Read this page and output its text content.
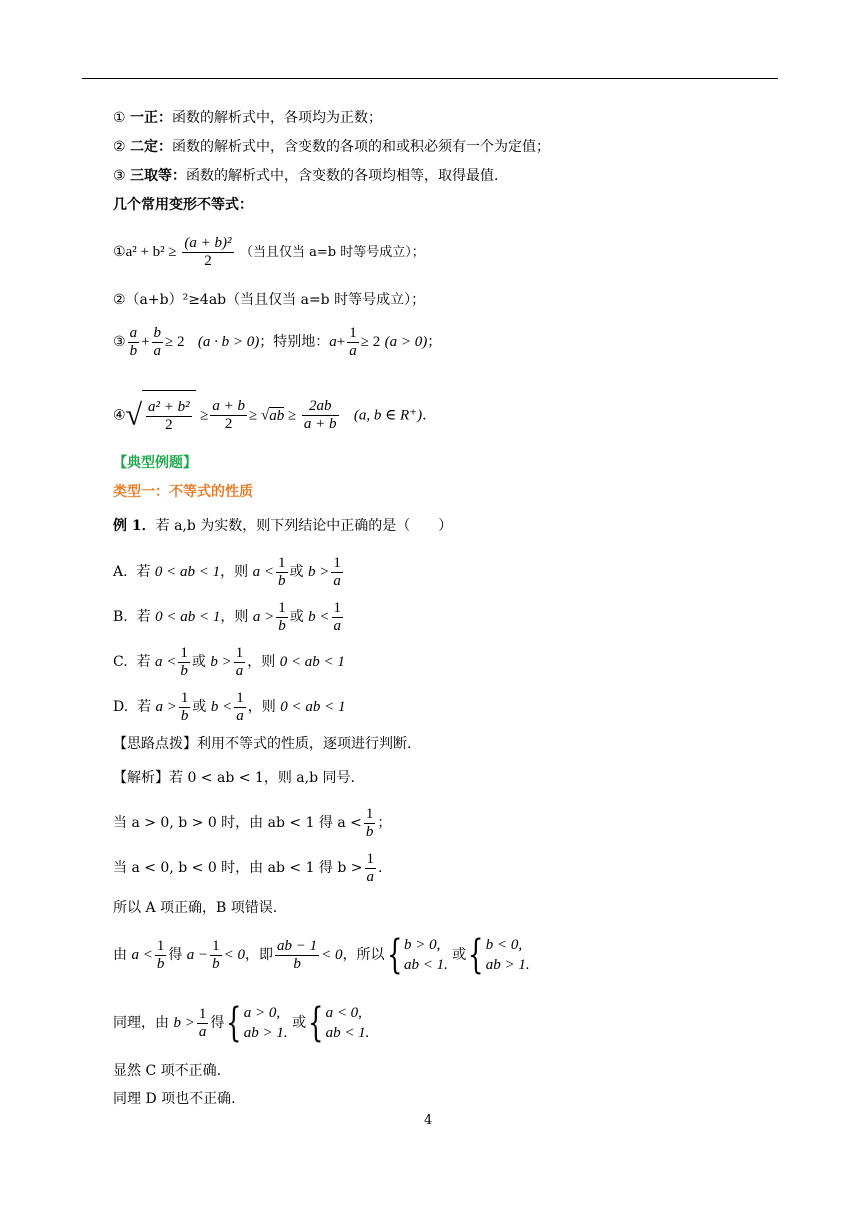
① 一正：函数的解析式中，各项均为正数；
② 二定：函数的解析式中，含变数的各项的和或积必须有一个为定值；
③ 三取等：函数的解析式中，含变数的各项均相等，取得最值.
几个常用变形不等式：
①a² + $b^2 \ge \frac{\text{(a + b)²}}{2}$ （当且仅当 a=b 时等号成立）；
②（a+b）²≥4ab（当且仅当 a=b 时等号成立）；
③ $\frac{a}{b} + \frac{b}{a} \ge 2$ (a · b > 0)；特别地：$a+ \frac{1}{a} \ge 2$ (a > 0)；
④√ $\frac{\text{a² + b²}}{2} \ge \frac{a + b}{2} \ge √ab \ge \frac{2ab}{a + b} (a$, b ∈ R⁺).
【典型例题】
类型一：不等式的性质
例 1．若 a,b 为实数，则下列结论中正确的是（　　）
A.  若 0 < ab < 1，则 $a < \frac{1}{b}$ 或 $b > \frac{1}{a}$
B.  若 0 < ab < 1，则 $a > \frac{1}{b}$ 或 $b < \frac{1}{a}$
C.  若 $a < \frac{1}{b}$ 或 $b > \frac{1}{a}$ ，则 0 < ab < 1
D.  若 $a > \frac{1}{b}$ 或 $b < \frac{1}{a}$ ，则 0 < ab < 1
【思路点拨】利用不等式的性质，逐项进行判断.
【解析】若 0 < ab < 1，则 a,b 同号.
当 a > 0, b > 0 时，由 ab < 1 得 $a < \frac{1}{b}$ ；
当 a < 0, b < 0 时，由 ab < 1 得 $b > \frac{1}{a}$ .
所以 A 项正确，B 项错误.
由 $a < \frac{1}{b}$ 得 $a - \frac{1}{b} < 0$，即 $\frac{ab - 1}{b} < 0$，所以{ b > 0,
ab < 1. 或{ b < 0,
ab > 1.
同理，由 $b > \frac{1}{a}$ 得{ a > 0,
ab > 1. 或{ a < 0,
ab < 1.
显然 C 项不正确.
同理 D 项也不正确.
4
